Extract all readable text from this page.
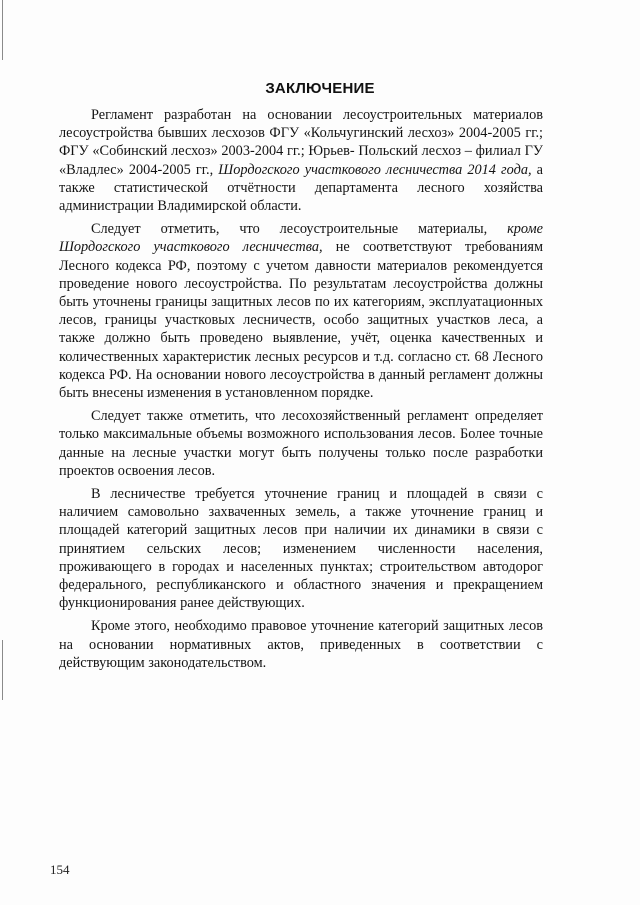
ЗАКЛЮЧЕНИЕ

Регламент разработан на основании лесоустроительных материалов лесоустройства бывших лесхозов ФГУ «Кольчугинский лесхоз» 2004-2005 гг.; ФГУ «Собинский лесхоз» 2003-2004 гг.; Юрьев- Польский лесхоз – филиал ГУ «Владлес» 2004-2005 гг., Шордогского участкового лесничества 2014 года, а также статистической отчётности департамента лесного хозяйства администрации Владимирской области.

Следует отметить, что лесоустроительные материалы, кроме Шордогского участкового лесничества, не соответствуют требованиям Лесного кодекса РФ, поэтому с учетом давности материалов рекомендуется проведение нового лесоустройства. По результатам лесоустройства должны быть уточнены границы защитных лесов по их категориям, эксплуатационных лесов, границы участковых лесничеств, особо защитных участков леса, а также должно быть проведено выявление, учёт, оценка качественных и количественных характеристик лесных ресурсов и т.д. согласно ст. 68 Лесного кодекса РФ. На основании нового лесоустройства в данный регламент должны быть внесены изменения в установленном порядке.

Следует также отметить, что лесохозяйственный регламент определяет только максимальные объемы возможного использования лесов. Более точные данные на лесные участки могут быть получены только после разработки проектов освоения лесов.

В лесничестве требуется уточнение границ и площадей в связи с наличием самовольно захваченных земель, а также уточнение границ и площадей категорий защитных лесов при наличии их динамики в связи с принятием сельских лесов; изменением численности населения, проживающего в городах и населенных пунктах; строительством автодорог федерального, республиканского и областного значения и прекращением функционирования ранее действующих.

Кроме этого, необходимо правовое уточнение категорий защитных лесов на основании нормативных актов, приведенных в соответствии с действующим законодательством.

154
